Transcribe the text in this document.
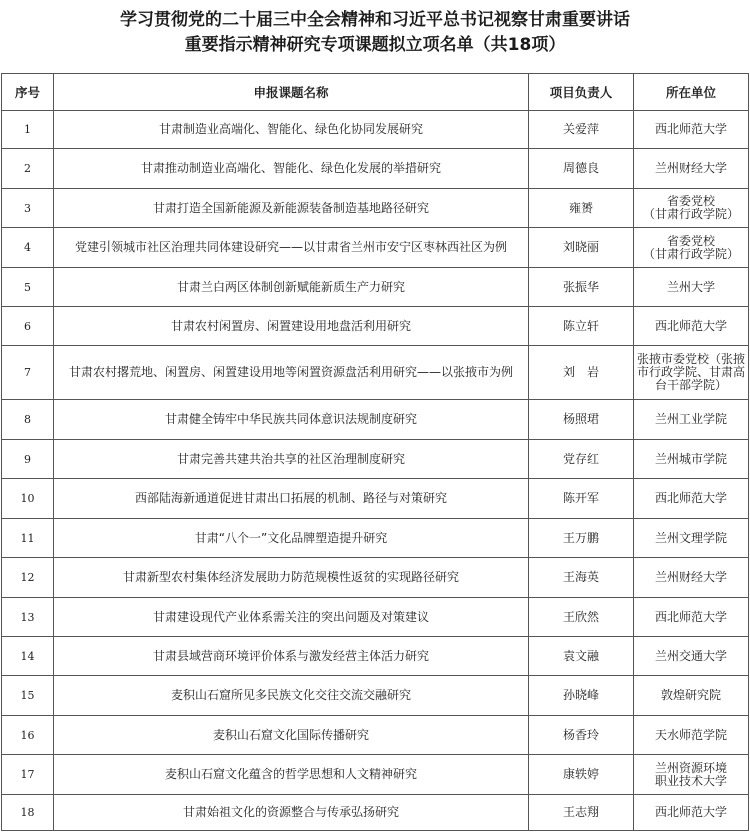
学习贯彻党的二十届三中全会精神和习近平总书记视察甘肃重要讲话
重要指示精神研究专项课题拟立项名单（共18项）
序号	申报课题名称	项目负责人	所在单位
1	甘肃制造业高端化、智能化、绿色化协同发展研究	关爱萍	西北师范大学
2	甘肃推动制造业高端化、智能化、绿色化发展的举措研究	周德良	兰州财经大学
3	甘肃打造全国新能源及新能源装备制造基地路径研究	雍赟	省委党校
（甘肃行政学院）
4	党建引领城市社区治理共同体建设研究——以甘肃省兰州市安宁区枣林西社区为例	刘晓丽	省委党校
（甘肃行政学院）
5	甘肃兰白两区体制创新赋能新质生产力研究	张振华	兰州大学
6	甘肃农村闲置房、闲置建设用地盘活利用研究	陈立轩	西北师范大学
7	甘肃农村撂荒地、闲置房、闲置建设用地等闲置资源盘活利用研究——以张掖市为例	刘　岩	张掖市委党校（张掖市行政学院、甘肃高台干部学院）
8	甘肃健全铸牢中华民族共同体意识法规制度研究	杨照珺	兰州工业学院
9	甘肃完善共建共治共享的社区治理制度研究	党存红	兰州城市学院
10	西部陆海新通道促进甘肃出口拓展的机制、路径与对策研究	陈开军	西北师范大学
11	甘肃“八个一”文化品牌塑造提升研究	王万鹏	兰州文理学院
12	甘肃新型农村集体经济发展助力防范规模性返贫的实现路径研究	王海英	兰州财经大学
13	甘肃建设现代产业体系需关注的突出问题及对策建议	王欣然	西北师范大学
14	甘肃县域营商环境评价体系与激发经营主体活力研究	袁文融	兰州交通大学
15	麦积山石窟所见多民族文化交往交流交融研究	孙晓峰	敦煌研究院
16	麦积山石窟文化国际传播研究	杨香玲	天水师范学院
17	麦积山石窟文化蕴含的哲学思想和人文精神研究	康轶婷	兰州资源环境
职业技术大学
18	甘肃始祖文化的资源整合与传承弘扬研究	王志翔	西北师范大学
